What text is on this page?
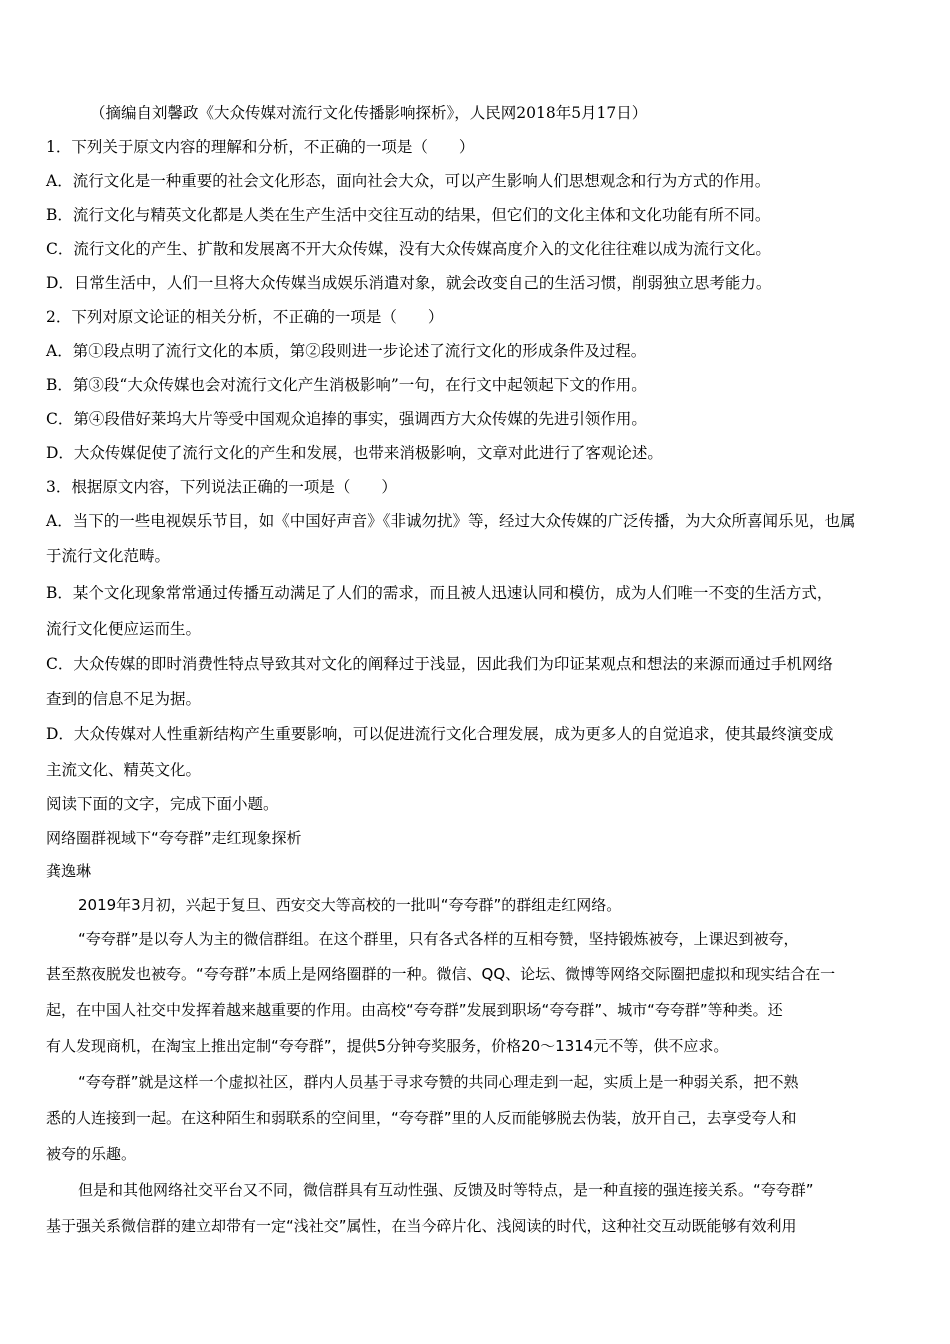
（摘编自刘馨政《大众传媒对流行文化传播影响探析》，人民网2018年5月17日）
1．下列关于原文内容的理解和分析，不正确的一项是（　　）
A．流行文化是一种重要的社会文化形态，面向社会大众，可以产生影响人们思想观念和行为方式的作用。
B．流行文化与精英文化都是人类在生产生活中交往互动的结果，但它们的文化主体和文化功能有所不同。
C．流行文化的产生、扩散和发展离不开大众传媒，没有大众传媒高度介入的文化往往难以成为流行文化。
D．日常生活中，人们一旦将大众传媒当成娱乐消遣对象，就会改变自己的生活习惯，削弱独立思考能力。
2．下列对原文论证的相关分析，不正确的一项是（　　）
A．第①段点明了流行文化的本质，第②段则进一步论述了流行文化的形成条件及过程。
B．第③段“大众传媒也会对流行文化产生消极影响”一句，在行文中起领起下文的作用。
C．第④段借好莱坞大片等受中国观众追捧的事实，强调西方大众传媒的先进引领作用。
D．大众传媒促使了流行文化的产生和发展，也带来消极影响，文章对此进行了客观论述。
3．根据原文内容，下列说法正确的一项是（　　）
A．当下的一些电视娱乐节目，如《中国好声音》《非诚勿扰》等，经过大众传媒的广泛传播，为大众所喜闻乐见，也属
于流行文化范畴。
B．某个文化现象常常通过传播互动满足了人们的需求，而且被人迅速认同和模仿，成为人们唯一不变的生活方式，
流行文化便应运而生。
C．大众传媒的即时消费性特点导致其对文化的阐释过于浅显，因此我们为印证某观点和想法的来源而通过手机网络
查到的信息不足为据。
D．大众传媒对人性重新结构产生重要影响，可以促进流行文化合理发展，成为更多人的自觉追求，使其最终演变成
主流文化、精英文化。
阅读下面的文字，完成下面小题。
网络圈群视域下“夸夸群”走红现象探析
龚逸琳
2019年3月初，兴起于复旦、西安交大等高校的一批叫“夸夸群”的群组走红网络。
“夸夸群”是以夸人为主的微信群组。在这个群里，只有各式各样的互相夸赞，坚持锻炼被夸，上课迟到被夸，
甚至熬夜脱发也被夸。“夸夸群”本质上是网络圈群的一种。微信、QQ、论坛、微博等网络交际圈把虚拟和现实结合在一
起，在中国人社交中发挥着越来越重要的作用。由高校“夸夸群”发展到职场“夸夸群”、城市“夸夸群”等种类。还
有人发现商机，在淘宝上推出定制“夸夸群”，提供5分钟夸奖服务，价格20～1314元不等，供不应求。
“夸夸群”就是这样一个虚拟社区，群内人员基于寻求夸赞的共同心理走到一起，实质上是一种弱关系，把不熟
悉的人连接到一起。在这种陌生和弱联系的空间里，“夸夸群”里的人反而能够脱去伪装，放开自己，去享受夸人和
被夸的乐趣。
但是和其他网络社交平台又不同，微信群具有互动性强、反馈及时等特点，是一种直接的强连接关系。“夸夸群”
基于强关系微信群的建立却带有一定“浅社交”属性，在当今碎片化、浅阅读的时代，这种社交互动既能够有效利用
